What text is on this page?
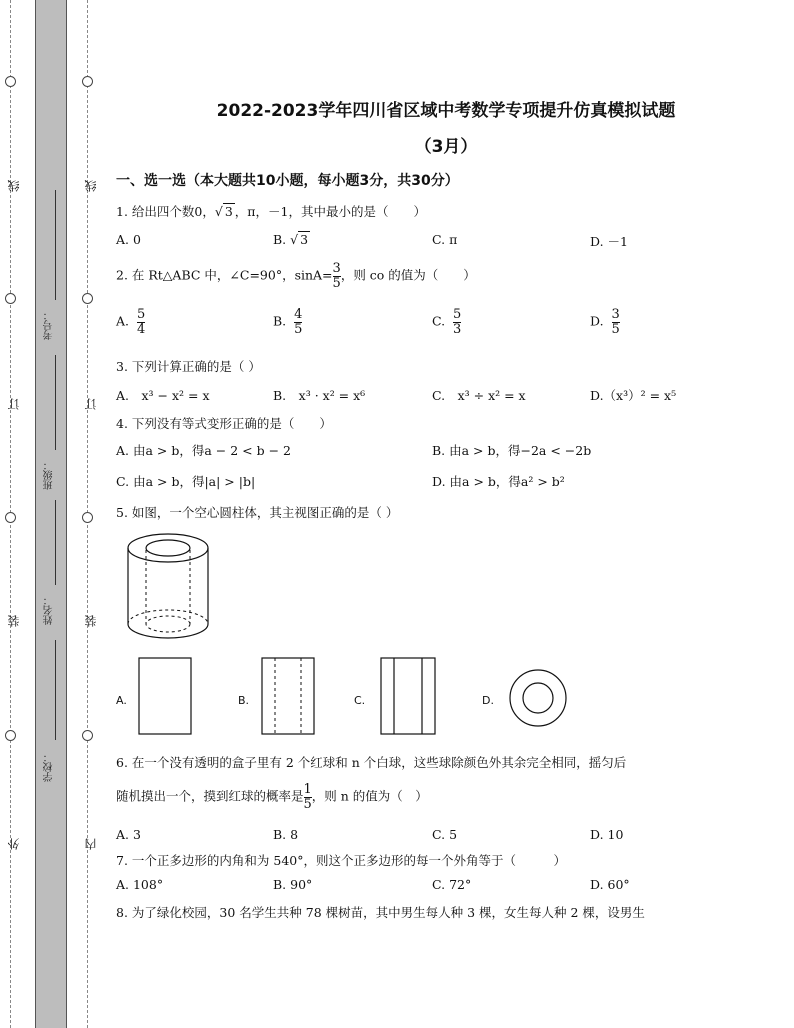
线
订
装
外
线
订
装
内
考号：
班级：
姓名：
学校：
2022-2023学年四川省区域中考数学专项提升仿真模拟试题
（3月）
一、选一选（本大题共10小题，每小题3分，共30分）
1. 给出四个数0，√ 3 ，π，－1，其中最小的是（　　）
A. 0	B. √ 3	C. π	D. －1
2. 在 Rt△ABC 中，∠C=90°，$\sin A= \frac{3}{5}$ ，则 co 的值为（　　）
A. $\frac{5}{4}$	B. $\frac{4}{5}$	C. $\frac{5}{3}$	D. $\frac{3}{5}$
3. 下列计算正确的是（ ）
A.　x³ − x² = x	B.　x³ · x² = x⁶	C.　x³ ÷ x² = x	D.（x³）² = x⁵
4. 下列没有等式变形正确的是（　　）
A. 由a > b，得a − 2 < b − 2	B. 由a > b，得−2a < −2b
C. 由a > b，得|a| > |b|	D. 由a > b，得a² > b²
5. 如图，一个空心圆柱体，其主视图正确的是（ ）
A.	B.	C.	D.
6. 在一个没有透明的盒子里有 2 个红球和 n 个白球，这些球除颜色外其余完全相同，摇匀后
随机摸出一个，摸到红球的概率是 $\frac{1}{5}$ ，则 n 的值为（　）
A. 3	B. 8	C. 5	D. 10
7. 一个正多边形的内角和为 540°，则这个正多边形的每一个外角等于（　　　）
A. 108°	B. 90°	C. 72°	D. 60°
8. 为了绿化校园，30 名学生共种 78 棵树苗，其中男生每人种 3 棵，女生每人种 2 棵，设男生
